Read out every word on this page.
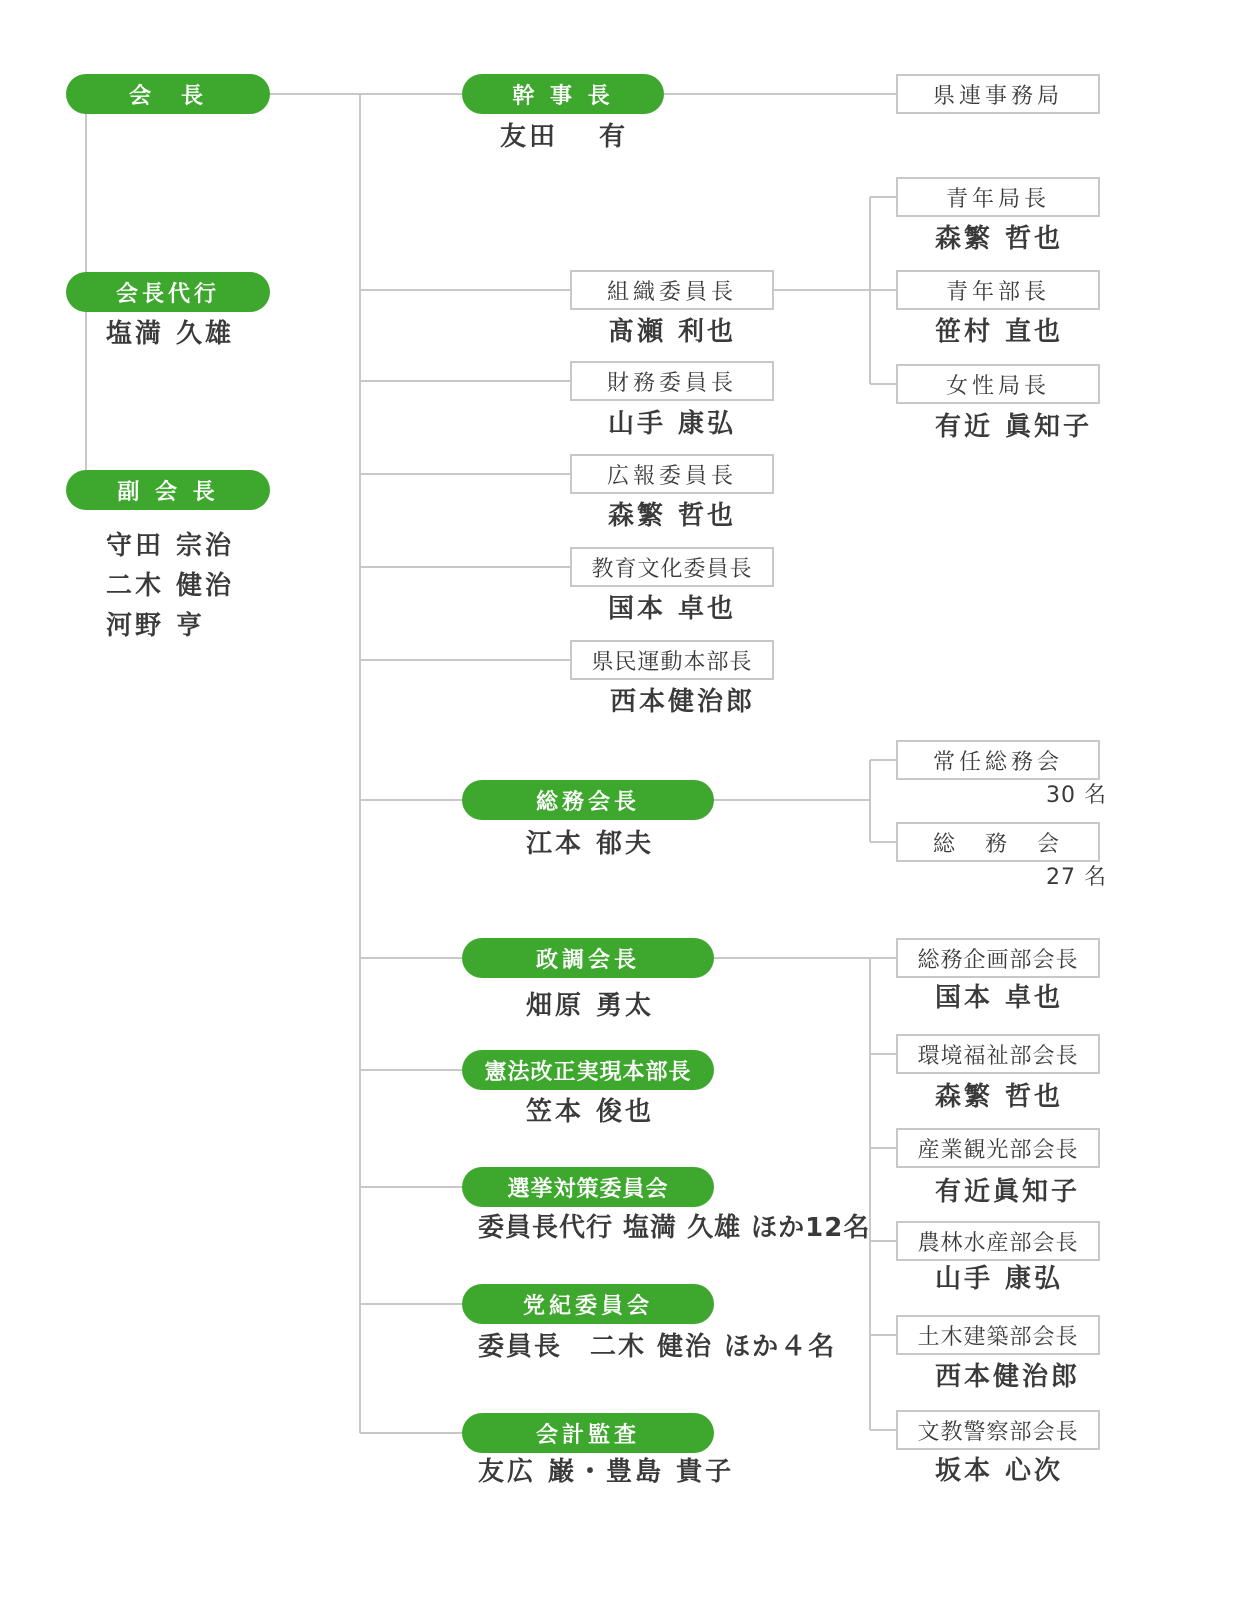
会　長
会長代行
塩満 久雄
副 会 長
守田 宗治
二木 健治
河野 亨
幹 事 長
友田　 有
県連事務局
組織委員長
髙瀬 利也
財務委員長
山手 康弘
広報委員長
森繁 哲也
教育文化委員長
国本 卓也
県民運動本部長
西本健治郎
青年局長
森繁 哲也
青年部長
笹村 直也
女性局長
有近 眞知子
総務会長
江本 郁夫
常任総務会
30 名
総　務　会
27 名
政調会長
畑原 勇太
総務企画部会長
国本 卓也
環境福祉部会長
森繁 哲也
産業観光部会長
有近眞知子
農林水産部会長
山手 康弘
土木建築部会長
西本健治郎
文教警察部会長
坂本 心次
憲法改正実現本部長
笠本 俊也
選挙対策委員会
委員長代行 塩満 久雄 ほか12名
党紀委員会
委員長　二木 健治 ほか４名
会計監査
友広 巌・豊島 貴子
